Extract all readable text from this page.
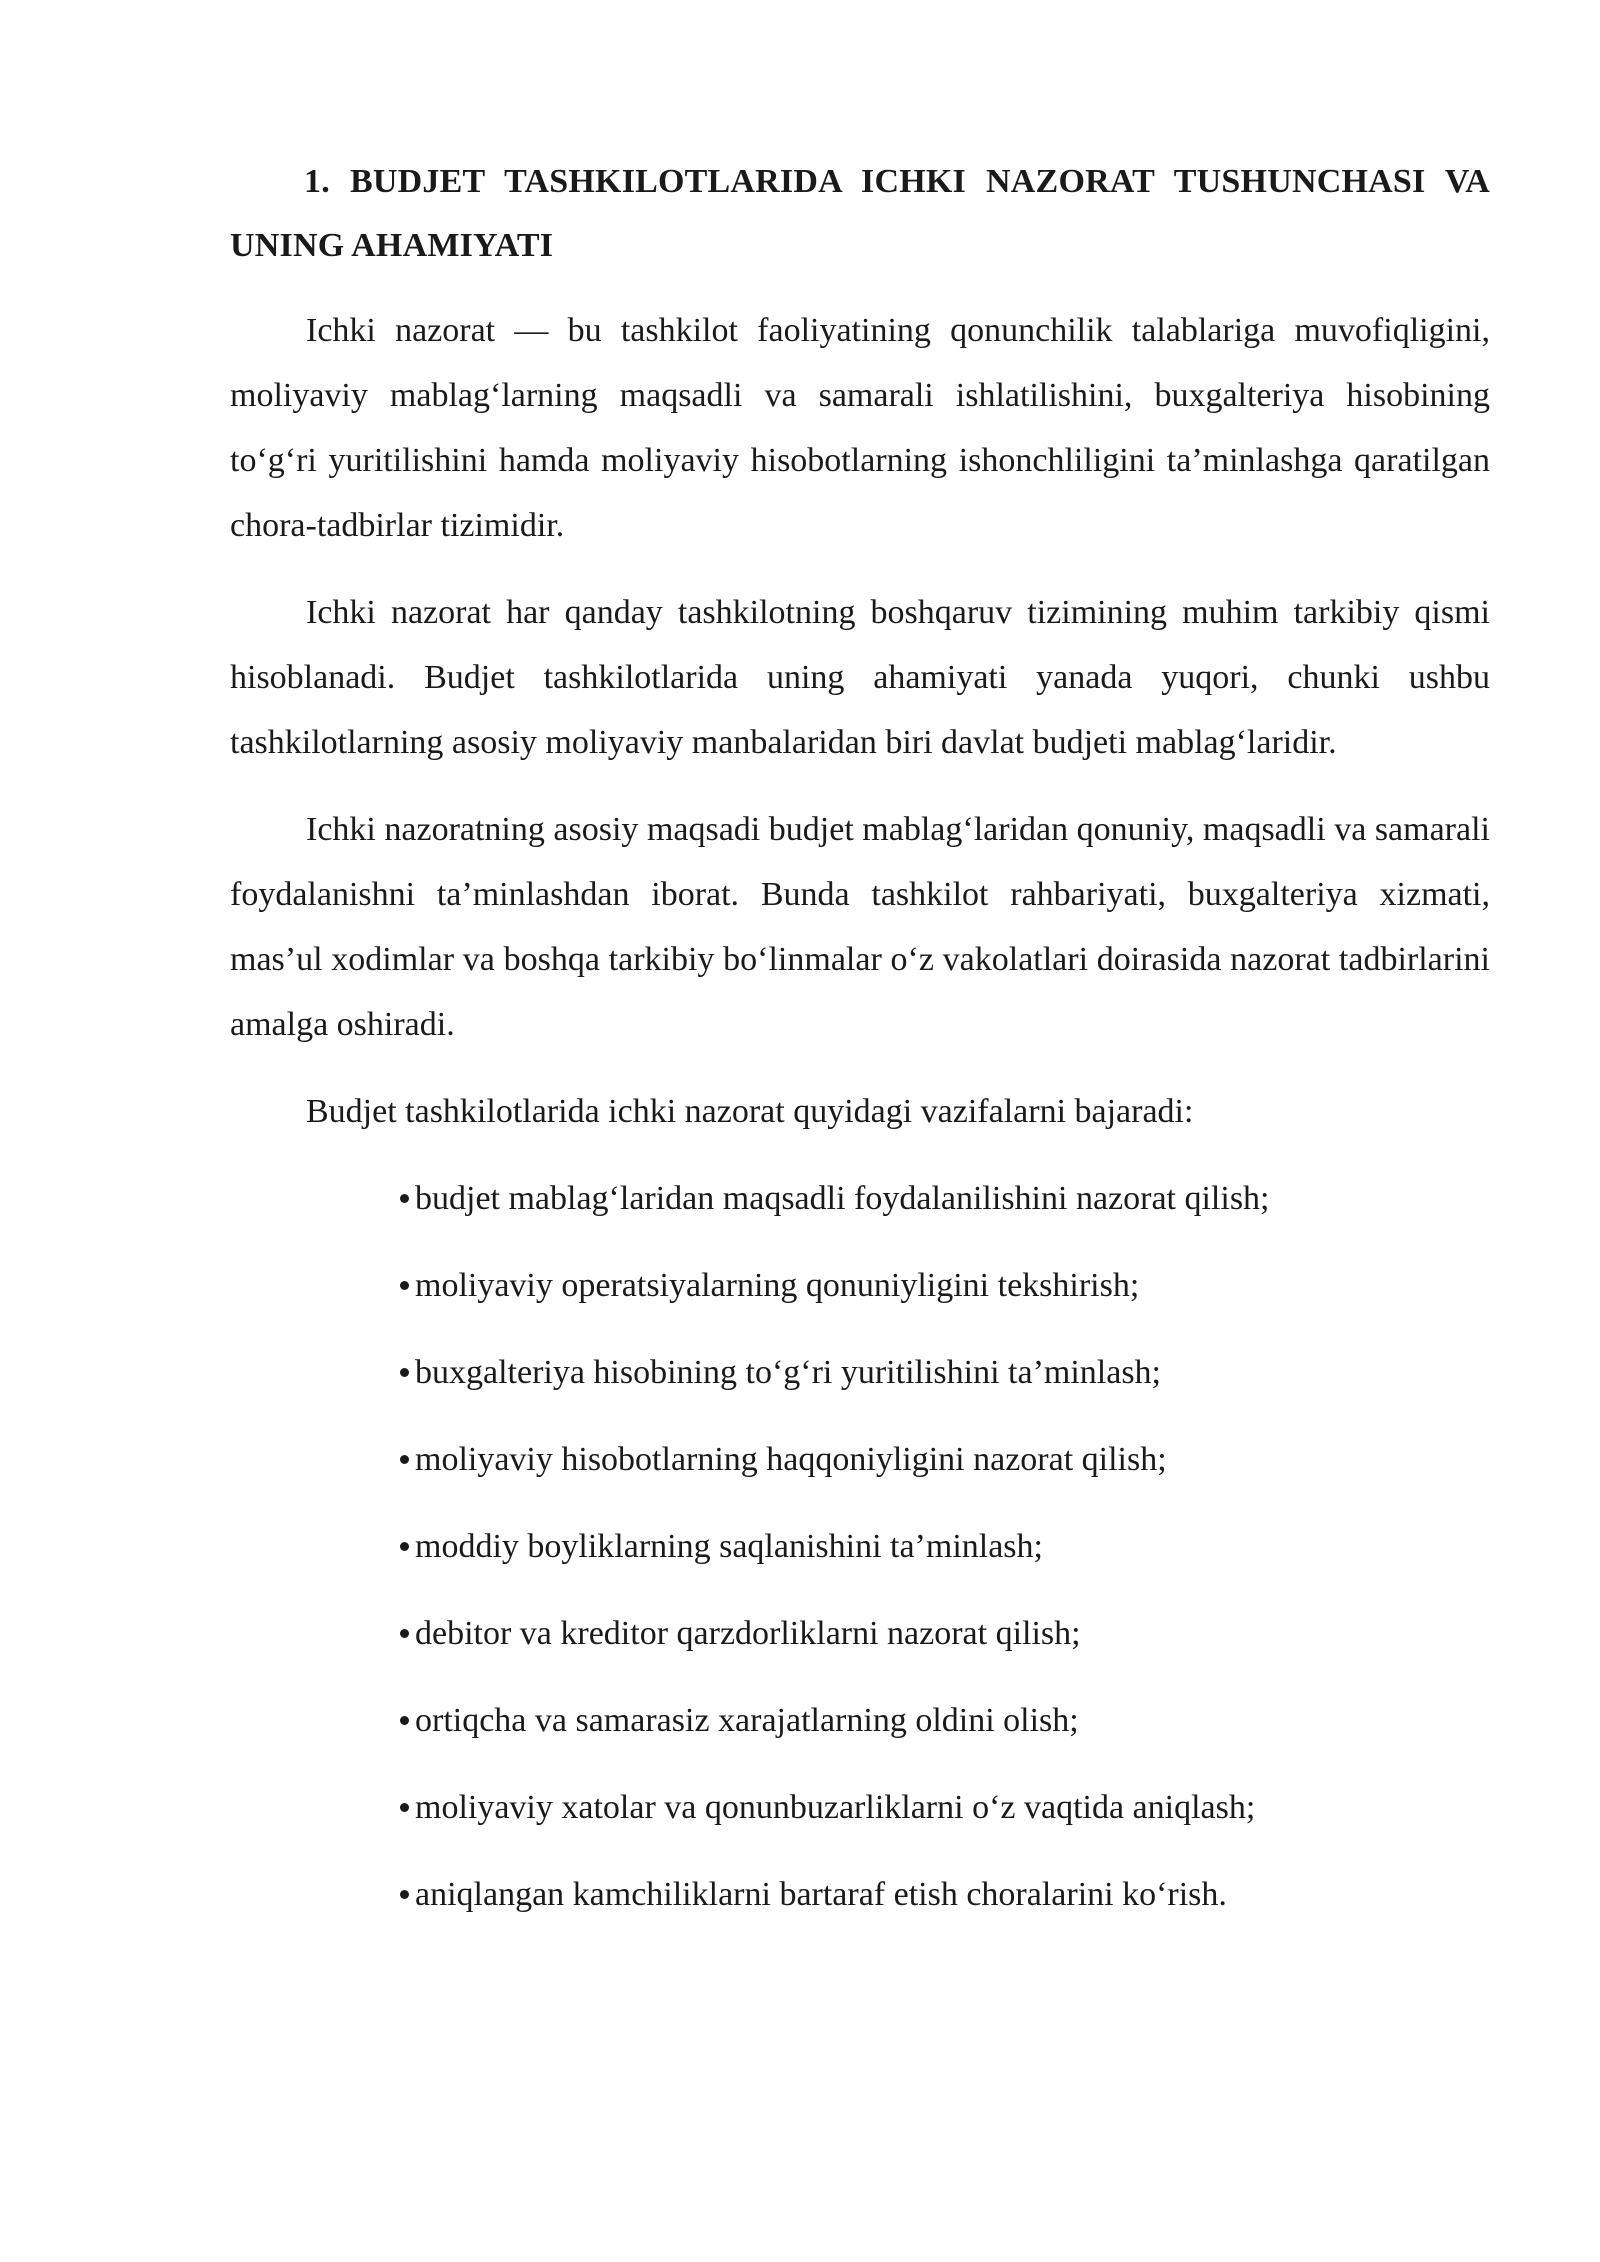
1. BUDJET TASHKILOTLARIDA ICHKI NAZORAT TUSHUNCHASI VA UNING AHAMIYATI

Ichki nazorat — bu tashkilot faoliyatining qonunchilik talablariga muvofiqligini, moliyaviy mablag‘larning maqsadli va samarali ishlatilishini, buxgalteriya hisobining to‘g‘ri yuritilishini hamda moliyaviy hisobotlarning ishonchliligini ta’minlashga qaratilgan chora-tadbirlar tizimidir.

Ichki nazorat har qanday tashkilotning boshqaruv tizimining muhim tarkibiy qismi hisoblanadi. Budjet tashkilotlarida uning ahamiyati yanada yuqori, chunki ushbu tashkilotlarning asosiy moliyaviy manbalaridan biri davlat budjeti mablag‘laridir.

Ichki nazoratning asosiy maqsadi budjet mablag‘laridan qonuniy, maqsadli va samarali foydalanishni ta’minlashdan iborat. Bunda tashkilot rahbariyati, buxgalteriya xizmati, mas’ul xodimlar va boshqa tarkibiy bo‘linmalar o‘z vakolatlari doirasida nazorat tadbirlarini amalga oshiradi.

Budjet tashkilotlarida ichki nazorat quyidagi vazifalarni bajaradi:

budjet mablag‘laridan maqsadli foydalanilishini nazorat qilish;
moliyaviy operatsiyalarning qonuniyligini tekshirish;
buxgalteriya hisobining to‘g‘ri yuritilishini ta’minlash;
moliyaviy hisobotlarning haqqoniyligini nazorat qilish;
moddiy boyliklarning saqlanishini ta’minlash;
debitor va kreditor qarzdorliklarni nazorat qilish;
ortiqcha va samarasiz xarajatlarning oldini olish;
moliyaviy xatolar va qonunbuzarliklarni o‘z vaqtida aniqlash;
aniqlangan kamchiliklarni bartaraf etish choralarini ko‘rish.
